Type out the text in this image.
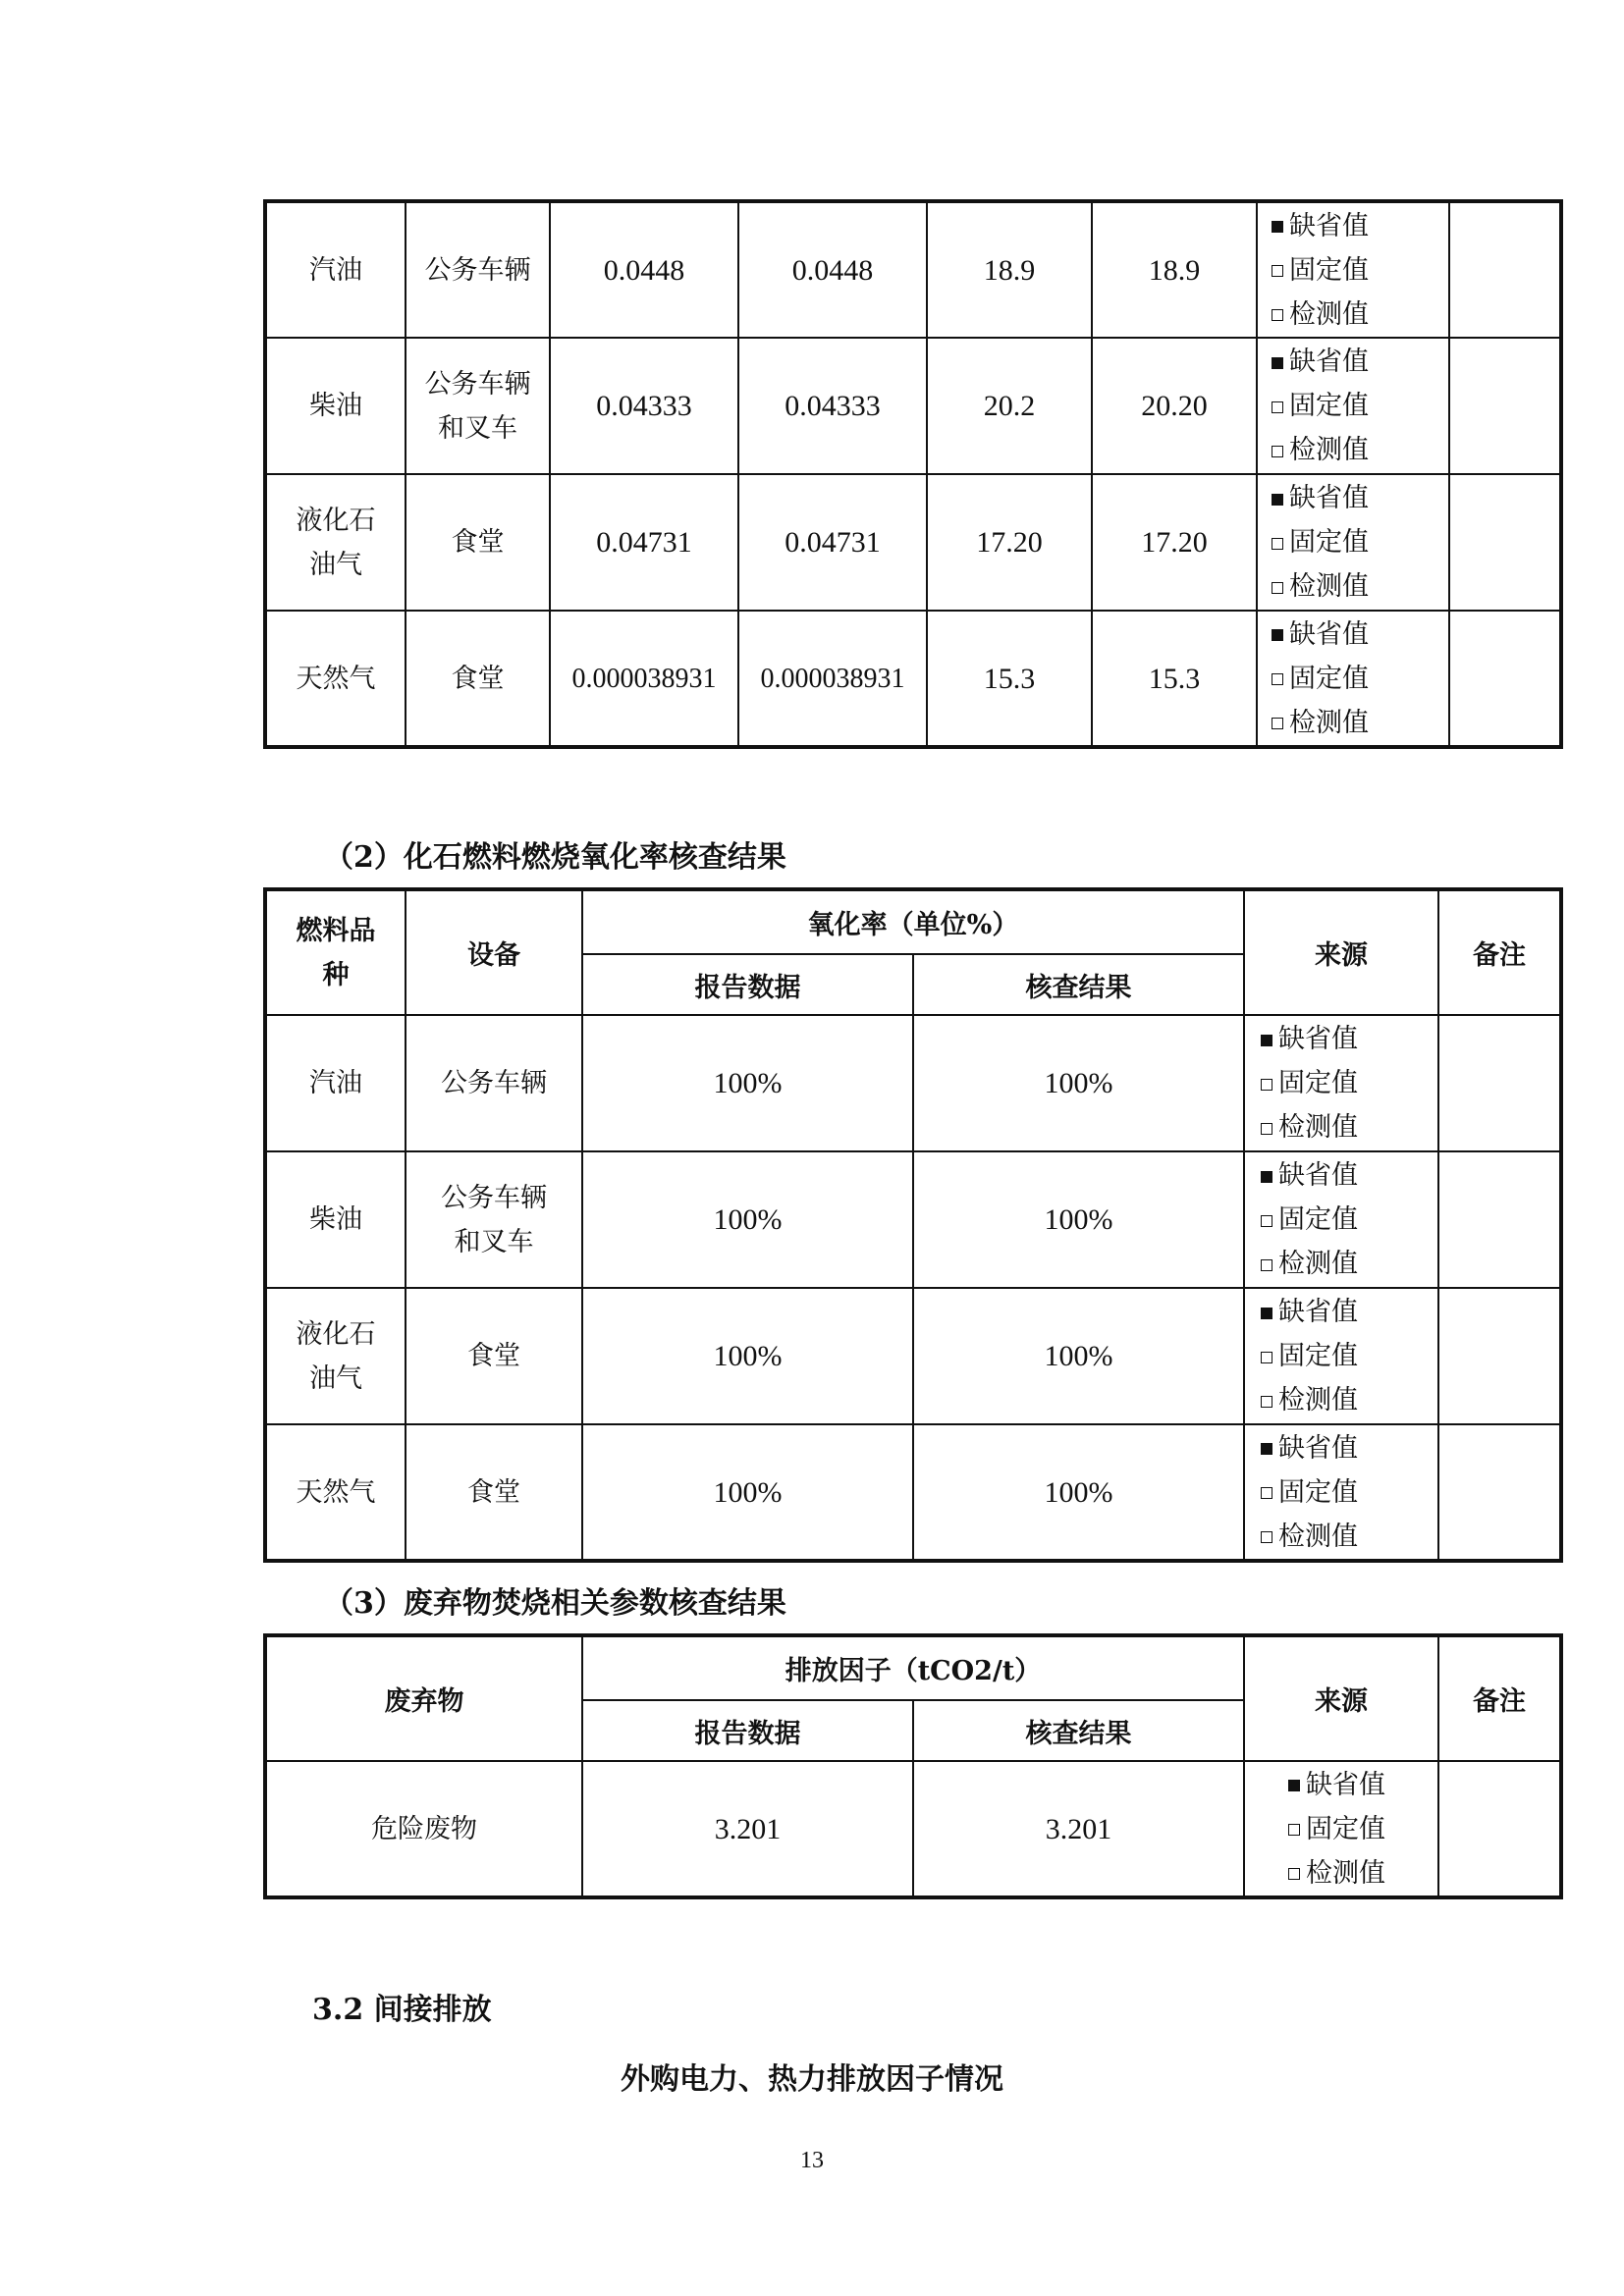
汽油	公务车辆	0.0448	0.0448	18.9	18.9	缺省值
固定值
检测值	

柴油	公务车辆和叉车	0.04333	0.04333	20.2	20.20	缺省值
固定值
检测值	

液化石油气	食堂	0.04731	0.04731	17.20	17.20	缺省值
固定值
检测值	

天然气	食堂	0.000038931	0.000038931	15.3	15.3	缺省值
固定值
检测值	

（2）化石燃料燃烧氧化率核查结果
燃料品种	设备	氧化率（单位%）		来源	备注
		报告数据	核查结果		
汽油	公务车辆	100%	100%	缺省值
固定值
检测值	

柴油	公务车辆和叉车	100%	100%	缺省值
固定值
检测值	

液化石油气	食堂	100%	100%	缺省值
固定值
检测值	

天然气	食堂	100%	100%	缺省值
固定值
检测值	

（3）废弃物焚烧相关参数核查结果
废弃物	排放因子（tCO2/t）		来源	备注
	报告数据	核查结果		
危险废物	3.201	3.201	缺省值
固定值
检测值	

3.2 间接排放
外购电力、热力排放因子情况
13
